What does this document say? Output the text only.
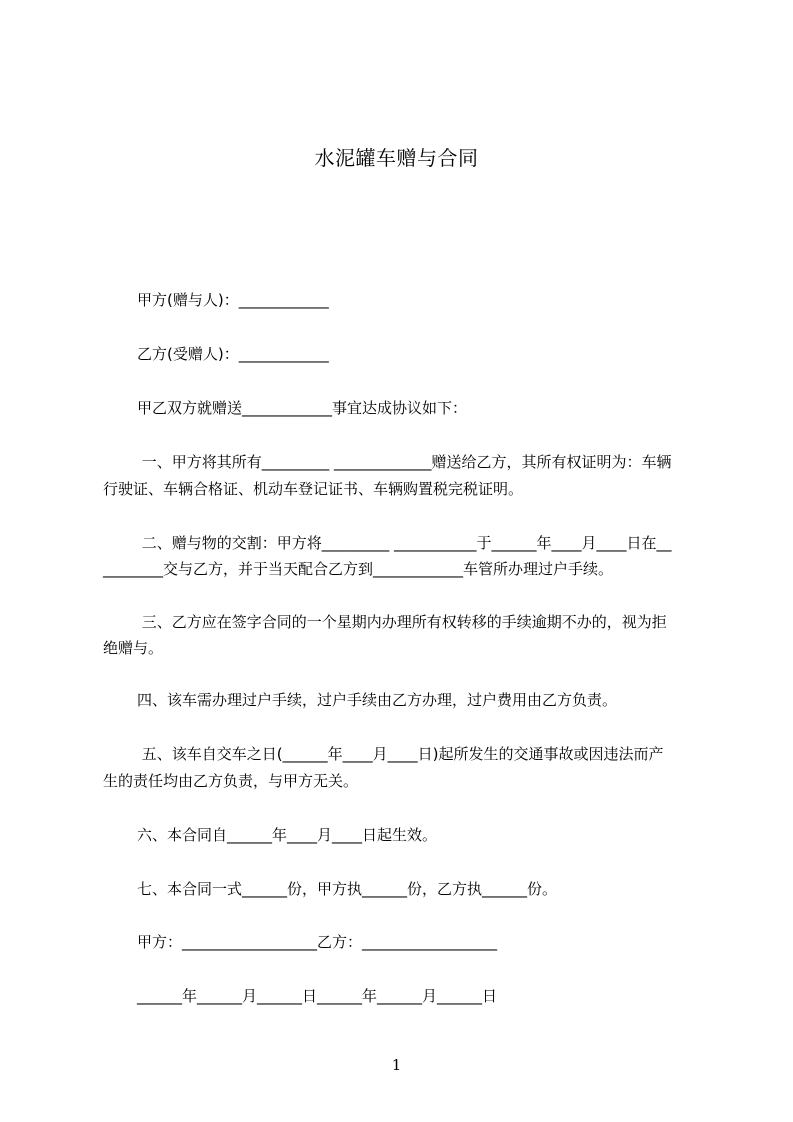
水泥罐车赠与合同
甲方(赠与人)：____________
乙方(受赠人)：____________
甲乙双方就赠送____________事宜达成协议如下：
一、甲方将其所有_________ _____________赠送给乙方，其所有权证明为：车辆
行驶证、车辆合格证、机动车登记证书、车辆购置税完税证明。
二、赠与物的交割：甲方将_________ ___________于______年____月____日在__
________交与乙方，并于当天配合乙方到____________车管所办理过户手续。
三、乙方应在签字合同的一个星期内办理所有权转移的手续逾期不办的，视为拒
绝赠与。
四、该车需办理过户手续，过户手续由乙方办理，过户费用由乙方负责。
五、该车自交车之日(______年____月____日)起所发生的交通事故或因违法而产
生的责任均由乙方负责，与甲方无关。
六、本合同自______年____月____日起生效。
七、本合同一式______份，甲方执______份，乙方执______份。
甲方：__________________乙方：__________________
______年______月______日______年______月______日
1
